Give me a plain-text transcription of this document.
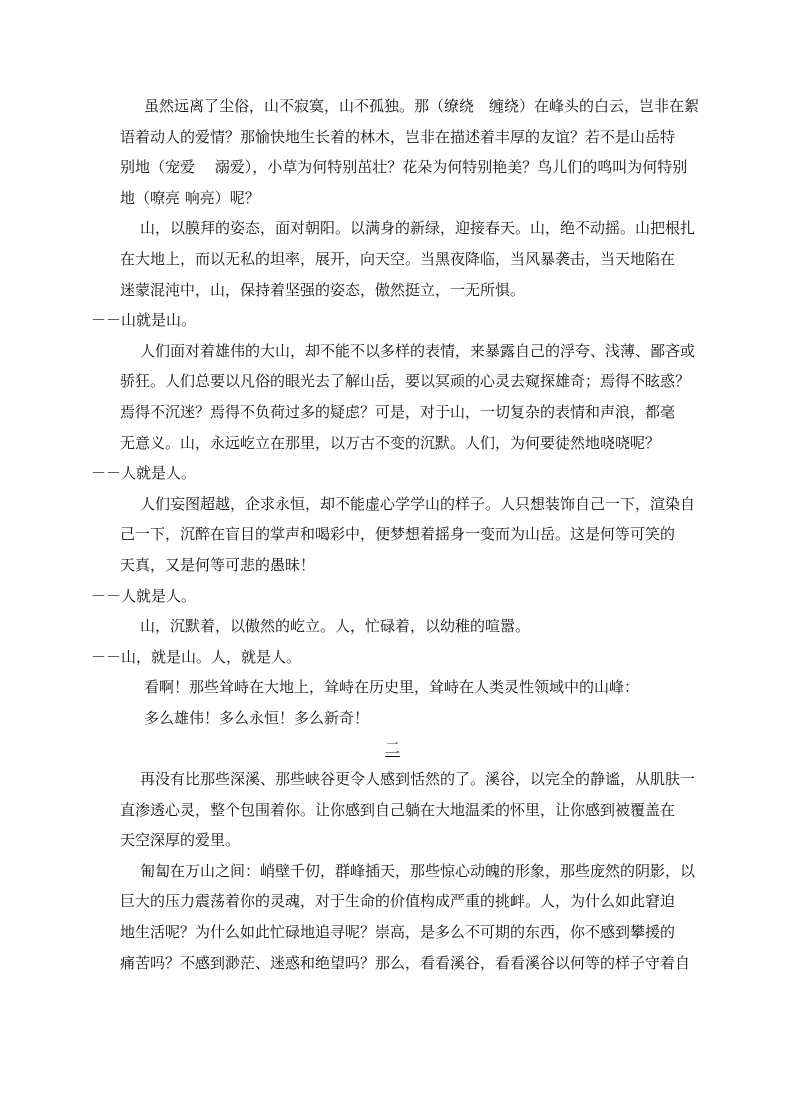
虽然远离了尘俗，山不寂寞，山不孤独。那（缭绕　缠绕）在峰头的白云，岂非在絮
语着动人的爱情？那愉快地生长着的林木，岂非在描述着丰厚的友谊？若不是山岳特
别地（宠爱　 溺爱），小草为何特别茁壮？花朵为何特别艳美？鸟儿们的鸣叫为何特别
地（嘹亮 响亮）呢？
山，以膜拜的姿态，面对朝阳。以满身的新绿，迎接春天。山，绝不动摇。山把根扎
在大地上，而以无私的坦率，展开，向天空。当黑夜降临，当风暴袭击，当天地陷在
迷蒙混沌中，山，保持着坚强的姿态，傲然挺立，一无所惧。
－－山就是山。
人们面对着雄伟的大山，却不能不以多样的表情，来暴露自己的浮夸、浅薄、鄙吝或
骄狂。人们总要以凡俗的眼光去了解山岳，要以冥顽的心灵去窥探雄奇；焉得不眩惑？
焉得不沉迷？焉得不负荷过多的疑虑？可是，对于山，一切复杂的表情和声浪，都毫
无意义。山，永远屹立在那里，以万古不变的沉默。人们，为何要徒然地哓哓呢？
－－人就是人。
人们妄图超越，企求永恒，却不能虚心学学山的样子。人只想装饰自己一下，渲染自
己一下，沉醉在盲目的掌声和喝彩中，便梦想着摇身一变而为山岳。这是何等可笑的
天真，又是何等可悲的愚昧！
－－人就是人。
山，沉默着，以傲然的屹立。人，忙碌着，以幼稚的喧嚣。
－－山，就是山。人，就是人。
看啊！那些耸峙在大地上，耸峙在历史里，耸峙在人类灵性领域中的山峰：
多么雄伟！多么永恒！多么新奇！
二
再没有比那些深溪、那些峡谷更令人感到恬然的了。溪谷，以完全的静谧，从肌肤一
直渗透心灵，整个包围着你。让你感到自己躺在大地温柔的怀里，让你感到被覆盖在
天空深厚的爱里。
匍匐在万山之间：峭壁千仞，群峰插天，那些惊心动魄的形象，那些庞然的阴影，以
巨大的压力震荡着你的灵魂，对于生命的价值构成严重的挑衅。人，为什么如此窘迫
地生活呢？为什么如此忙碌地追寻呢？崇高，是多么不可期的东西，你不感到攀援的
痛苦吗？不感到渺茫、迷惑和绝望吗？那么，看看溪谷，看看溪谷以何等的样子守着自
